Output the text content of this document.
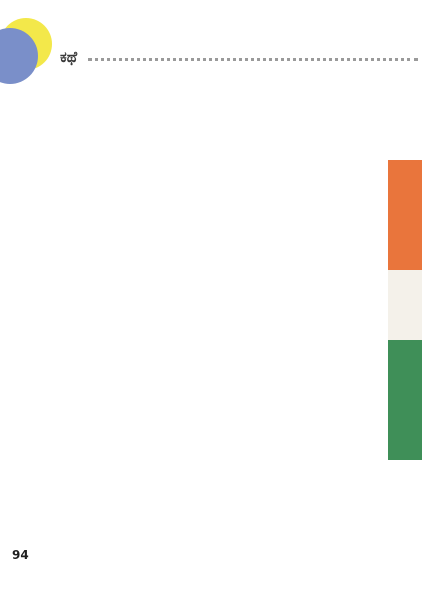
ಕಥೆ
94
